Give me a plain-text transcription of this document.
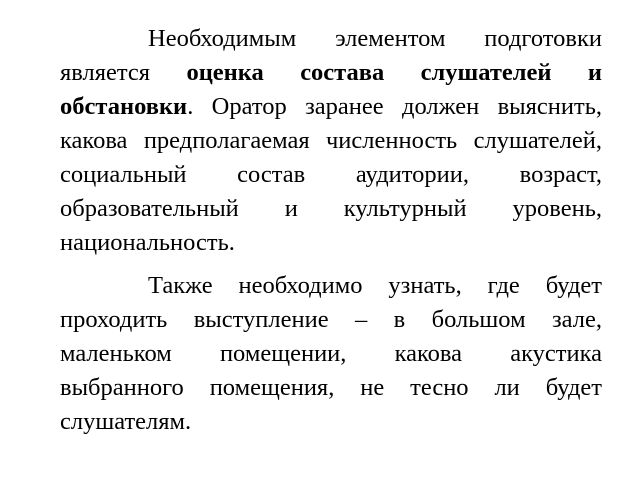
Необходимым элементом подготовки является оценка состава слушателей и обстановки. Оратор заранее должен выяснить, какова предполагаемая численность слушателей, социальный состав аудитории, возраст, образовательный и культурный уровень, национальность.

Также необходимо узнать, где будет проходить выступление – в большом зале, маленьком помещении, какова акустика выбранного помещения, не тесно ли будет слушателям.
